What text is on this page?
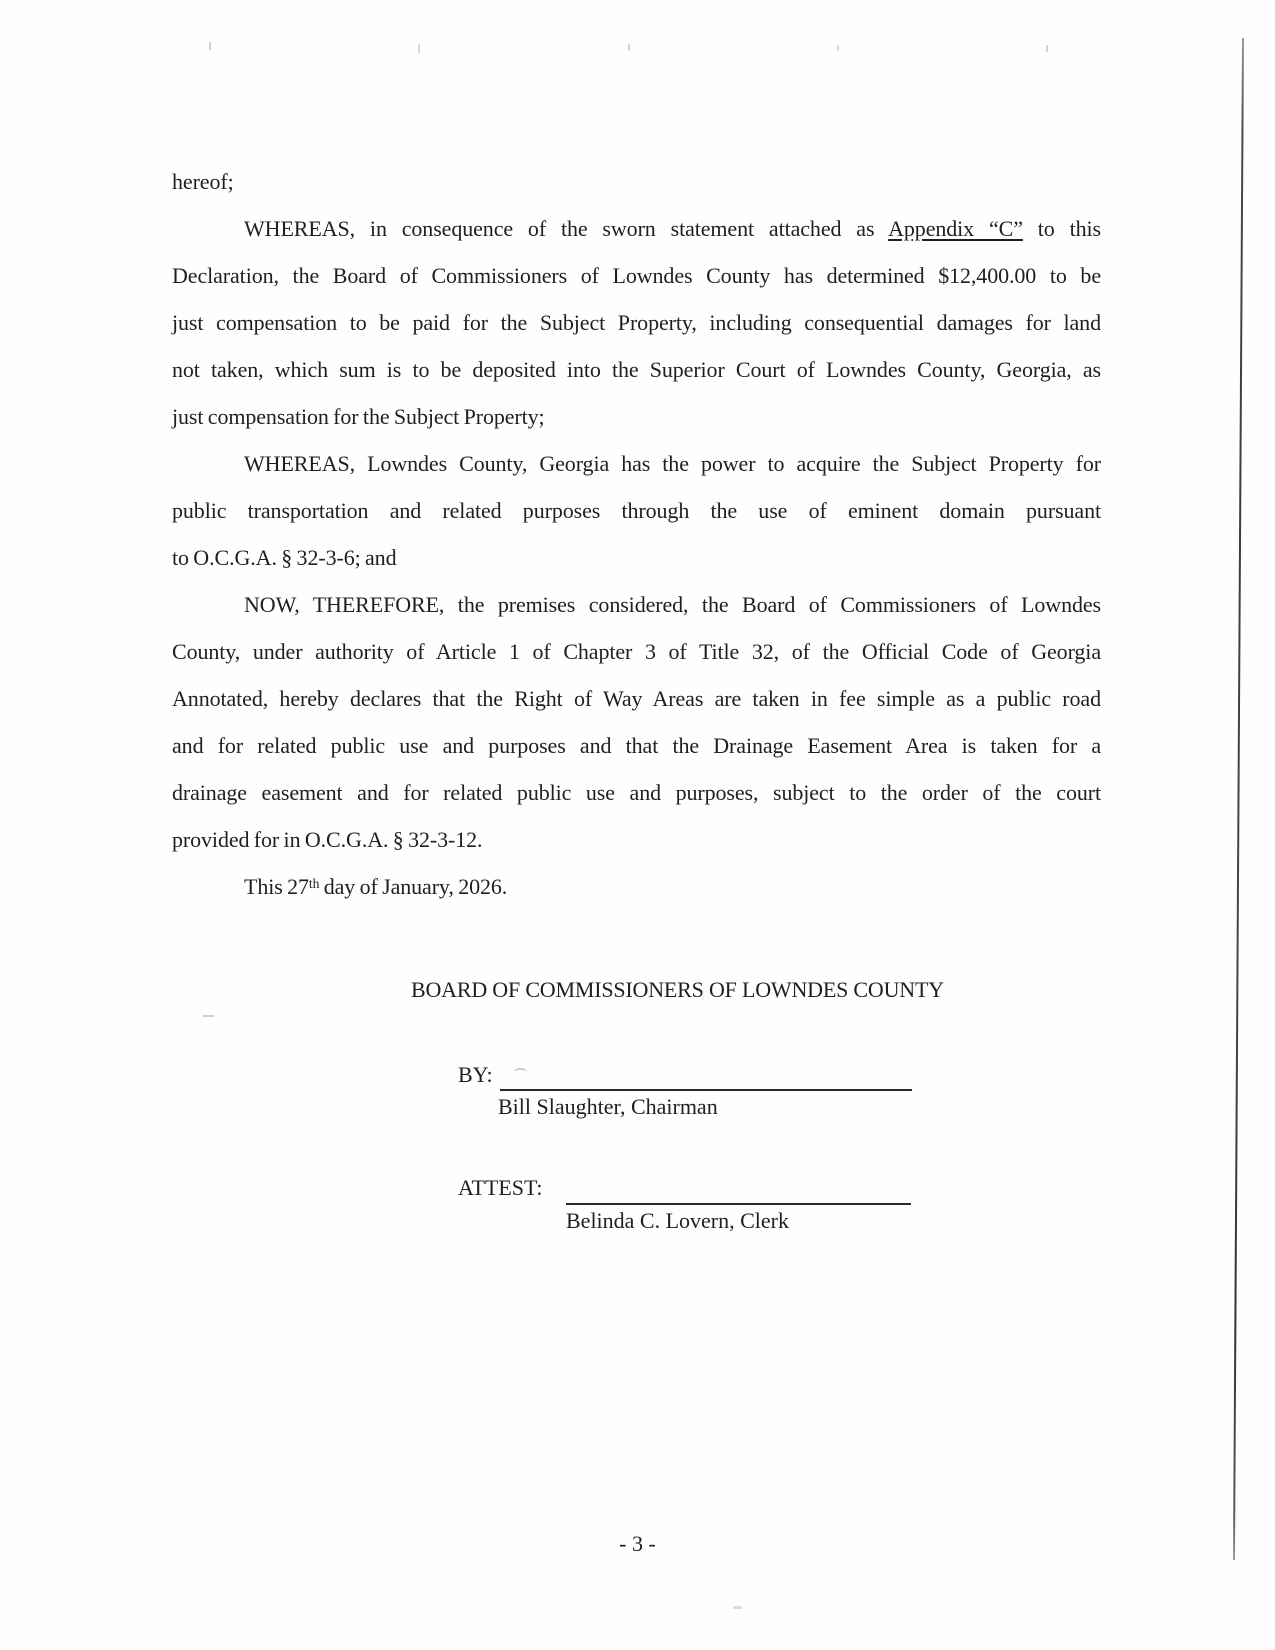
hereof;
WHEREAS, in consequence of the sworn statement attached as Appendix “C” to this
Declaration, the Board of Commissioners of Lowndes County has determined $12,400.00 to be
just compensation to be paid for the Subject Property, including consequential damages for land
not taken, which sum is to be deposited into the Superior Court of Lowndes County, Georgia, as
just compensation for the Subject Property;
WHEREAS, Lowndes County, Georgia has the power to acquire the Subject Property for
public transportation and related purposes through the use of eminent domain pursuant
to O.C.G.A. § 32-3-6; and
NOW, THEREFORE, the premises considered, the Board of Commissioners of Lowndes
County, under authority of Article 1 of Chapter 3 of Title 32, of the Official Code of Georgia
Annotated, hereby declares that the Right of Way Areas are taken in fee simple as a public road
and for related public use and purposes and that the Drainage Easement Area is taken for a
drainage easement and for related public use and purposes, subject to the order of the court
provided for in O.C.G.A. § 32-3-12.
This 27th day of January, 2026.
BOARD OF COMMISSIONERS OF LOWNDES COUNTY
BY:
Bill Slaughter, Chairman
ATTEST:
Belinda C. Lovern, Clerk
- 3 -
